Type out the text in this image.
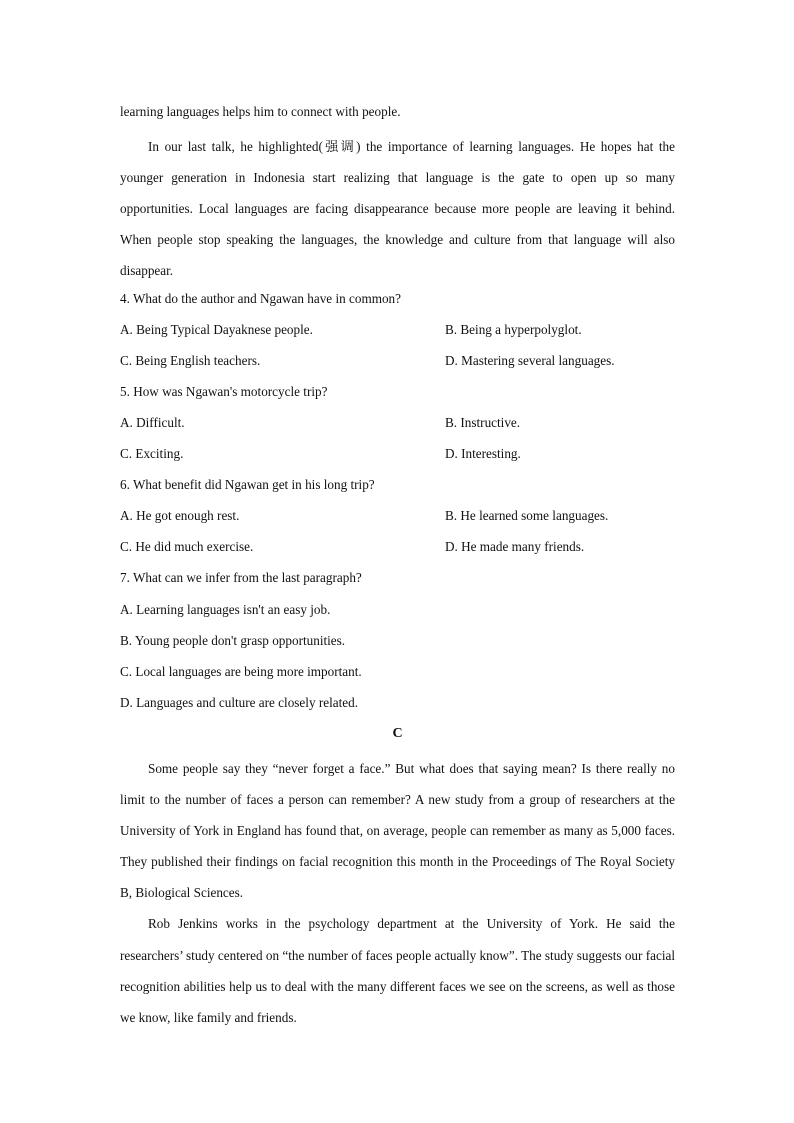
learning languages helps him to connect with people.

In our last talk, he highlighted(强调) the importance of learning languages. He hopes hat the younger generation in Indonesia start realizing that language is the gate to open up so many opportunities. Local languages are facing disappearance because more people are leaving it behind. When people stop speaking the languages, the knowledge and culture from that language will also disappear.

4. What do the author and Ngawan have in common?
A. Being Typical Dayaknese people.	B. Being a hyperpolyglot.
C. Being English teachers.	D. Mastering several languages.
5. How was Ngawan's motorcycle trip?
A. Difficult.	B. Instructive.
C. Exciting.	D. Interesting.
6. What benefit did Ngawan get in his long trip?
A. He got enough rest.	B. He learned some languages.
C. He did much exercise.	D. He made many friends.
7. What can we infer from the last paragraph?
A. Learning languages isn't an easy job.
B. Young people don't grasp opportunities.
C. Local languages are being more important.
D. Languages and culture are closely related.
C

Some people say they “never forget a face.” But what does that saying mean? Is there really no limit to the number of faces a person can remember? A new study from a group of researchers at the University of York in England has found that, on average, people can remember as many as 5,000 faces. They published their findings on facial recognition this month in the Proceedings of The Royal Society B, Biological Sciences.

Rob Jenkins works in the psychology department at the University of York. He said the researchers’ study centered on “the number of faces people actually know”. The study suggests our facial recognition abilities help us to deal with the many different faces we see on the screens, as well as those we know, like family and friends.
